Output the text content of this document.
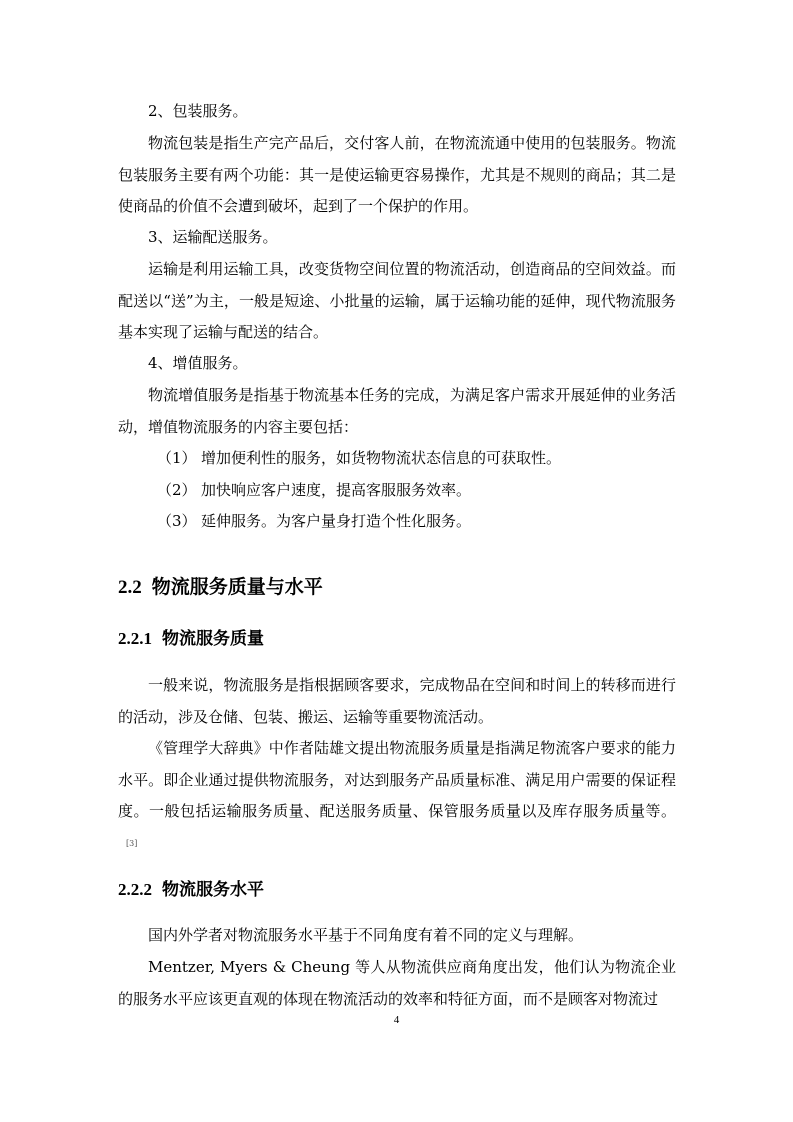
2、包装服务。

物流包装是指生产完产品后，交付客人前，在物流流通中使用的包装服务。物流包装服务主要有两个功能：其一是使运输更容易操作，尤其是不规则的商品；其二是使商品的价值不会遭到破坏，起到了一个保护的作用。

3、运输配送服务。

运输是利用运输工具，改变货物空间位置的物流活动，创造商品的空间效益。而配送以“送”为主，一般是短途、小批量的运输，属于运输功能的延伸，现代物流服务基本实现了运输与配送的结合。

4、增值服务。

物流增值服务是指基于物流基本任务的完成，为满足客户需求开展延伸的业务活动，增值物流服务的内容主要包括：

（1） 增加便利性的服务，如货物物流状态信息的可获取性。

（2） 加快响应客户速度，提高客服服务效率。

（3） 延伸服务。为客户量身打造个性化服务。

2.2 物流服务质量与水平
2.2.1 物流服务质量

一般来说，物流服务是指根据顾客要求，完成物品在空间和时间上的转移而进行的活动，涉及仓储、包装、搬运、运输等重要物流活动。

《管理学大辞典》中作者陆雄文提出物流服务质量是指满足物流客户要求的能力水平。即企业通过提供物流服务，对达到服务产品质量标准、满足用户需要的保证程度。一般包括运输服务质量、配送服务质量、保管服务质量以及库存服务质量等。[3]

2.2.2 物流服务水平

国内外学者对物流服务水平基于不同角度有着不同的定义与理解。

Mentzer, Myers & Cheung 等人从物流供应商角度出发，他们认为物流企业的服务水平应该更直观的体现在物流活动的效率和特征方面，而不是顾客对物流过

4
